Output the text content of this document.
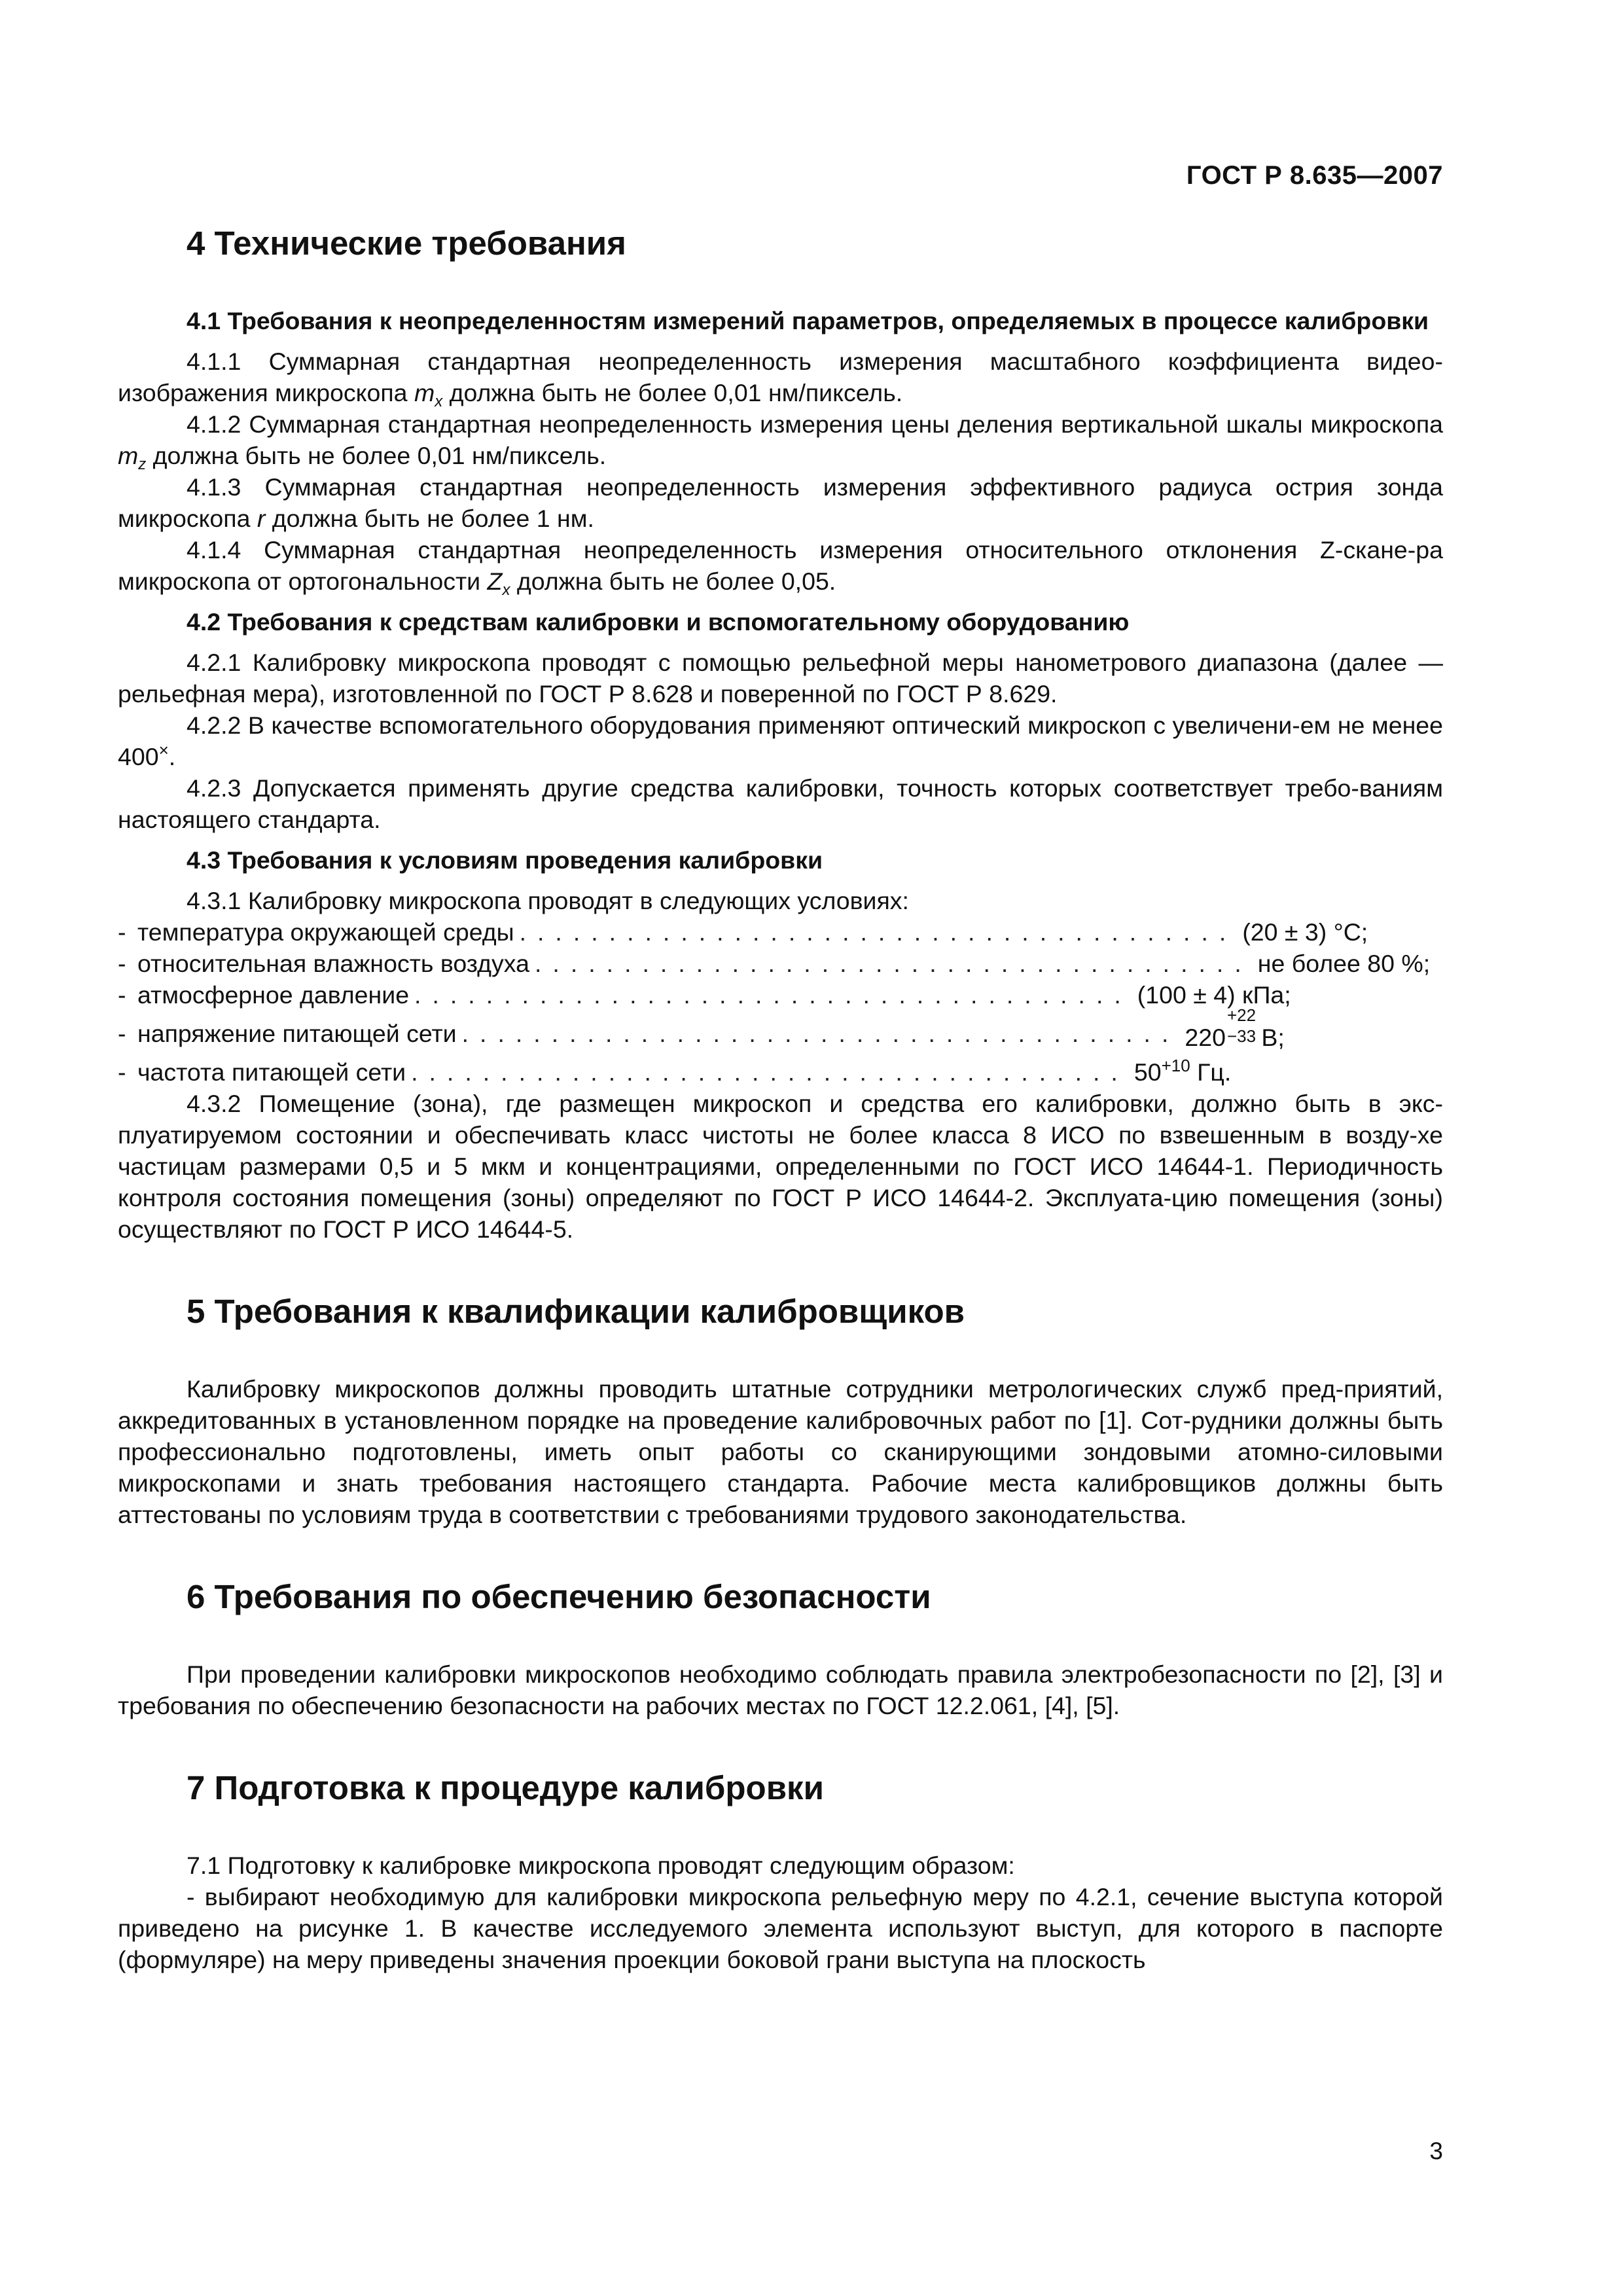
ГОСТ Р 8.635—2007
4 Технические требования
4.1 Требования к неопределенностям измерений параметров, определяемых в процессе калибровки

4.1.1 Суммарная стандартная неопределенность измерения масштабного коэффициента видео-изображения микроскопа $m_x$ должна быть не более 0,01 нм/пиксель.

4.1.2 Суммарная стандартная неопределенность измерения цены деления вертикальной шкалы микроскопа $m_z$ должна быть не более 0,01 нм/пиксель.

4.1.3 Суммарная стандартная неопределенность измерения эффективного радиуса острия зонда микроскопа r должна быть не более 1 нм.

4.1.4 Суммарная стандартная неопределенность измерения относительного отклонения Z-скане-ра микроскопа от ортогональности $Z_x$ должна быть не более 0,05.

4.2 Требования к средствам калибровки и вспомогательному оборудованию

4.2.1 Калибровку микроскопа проводят с помощью рельефной меры нанометрового диапазона (далее — рельефная мера), изготовленной по ГОСТ Р 8.628 и поверенной по ГОСТ Р 8.629.

4.2.2 В качестве вспомогательного оборудования применяют оптический микроскоп с увеличени-ем не менее 400×.

4.2.3 Допускается применять другие средства калибровки, точность которых соответствует требо-ваниям настоящего стандарта.

4.3 Требования к условиям проведения калибровки

4.3.1 Калибровку микроскопа проводят в следующих условиях:

- температура окружающей среды ........................................ (20 ± 3) °С;
- относительная влажность воздуха ........................................ не более 80 %;
- атмосферное давление ........................................ (100 ± 4) кПа;
- напряжение питающей сети ........................................ 220
+22
−33
В;
- частота питающей сети ........................................ $50^{+10}$ Гц.

4.3.2 Помещение (зона), где размещен микроскоп и средства его калибровки, должно быть в экс-плуатируемом состоянии и обеспечивать класс чистоты не более класса 8 ИСО по взвешенным в возду-хе частицам размерами 0,5 и 5 мкм и концентрациями, определенными по ГОСТ ИСО 14644-1. Периодичность контроля состояния помещения (зоны) определяют по ГОСТ Р ИСО 14644-2. Эксплуата-цию помещения (зоны) осуществляют по ГОСТ Р ИСО 14644-5.

5 Требования к квалификации калибровщиков

Калибровку микроскопов должны проводить штатные сотрудники метрологических служб пред-приятий, аккредитованных в установленном порядке на проведение калибровочных работ по [1]. Сот-рудники должны быть профессионально подготовлены, иметь опыт работы со сканирующими зондовыми атомно-силовыми микроскопами и знать требования настоящего стандарта. Рабочие места калибровщиков должны быть аттестованы по условиям труда в соответствии с требованиями трудового законодательства.

6 Требования по обеспечению безопасности

При проведении калибровки микроскопов необходимо соблюдать правила электробезопасности по [2], [3] и требования по обеспечению безопасности на рабочих местах по ГОСТ 12.2.061, [4], [5].

7 Подготовка к процедуре калибровки

7.1 Подготовку к калибровке микроскопа проводят следующим образом:

- выбирают необходимую для калибровки микроскопа рельефную меру по 4.2.1, сечение выступа которой приведено на рисунке 1. В качестве исследуемого элемента используют выступ, для которого в паспорте (формуляре) на меру приведены значения проекции боковой грани выступа на плоскость

3
